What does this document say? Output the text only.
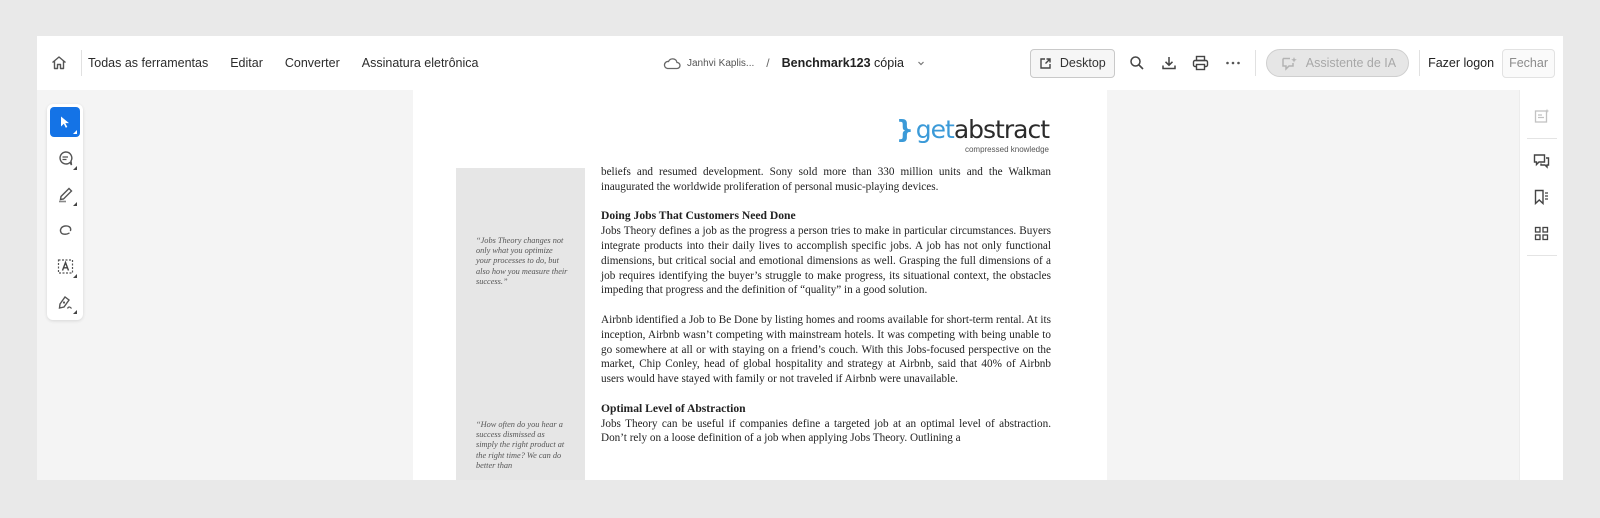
Todas as ferramentas	Editar	Converter	Assinatura eletrônica	Janhvi Kaplis... / Benchmark123 cópia	Desktop	Assistente de IA	Fazer logon	Fechar
} getabstract
compressed knowledge
“Jobs Theory changes not only what you optimize your processes to do, but also how you measure their success.”
“How often do you hear a success dismissed as simply the right product at the right time? We can do better than

beliefs and resumed development. Sony sold more than 330 million units and the Walkman inaugurated the worldwide proliferation of personal music-playing devices.

Doing Jobs That Customers Need Done

Jobs Theory defines a job as the progress a person tries to make in particular circumstances. Buyers integrate products into their daily lives to accomplish specific jobs. A job has not only functional dimensions, but critical social and emotional dimensions as well. Grasping the full dimensions of a job requires identifying the buyer’s struggle to make progress, its situational context, the obstacles impeding that progress and the definition of “quality” in a good solution.

Airbnb identified a Job to Be Done by listing homes and rooms available for short-term rental. At its inception, Airbnb wasn’t competing with mainstream hotels. It was competing with being unable to go somewhere at all or with staying on a friend’s couch. With this Jobs-focused perspective on the market, Chip Conley, head of global hospitality and strategy at Airbnb, said that 40% of Airbnb users would have stayed with family or not traveled if Airbnb were unavailable.

Optimal Level of Abstraction

Jobs Theory can be useful if companies define a targeted job at an optimal level of abstraction. Don’t rely on a loose definition of a job when applying Jobs Theory. Outlining a
